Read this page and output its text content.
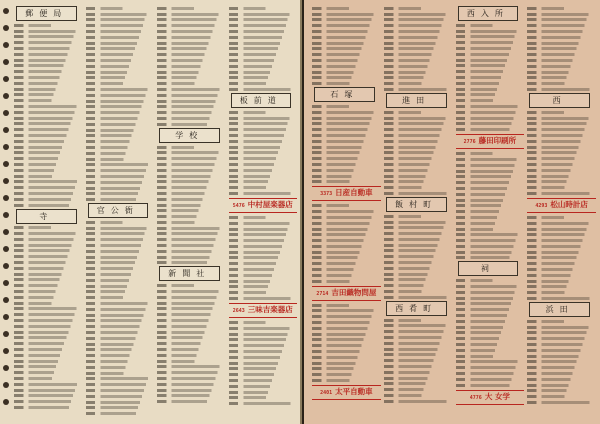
郵便局
寺
官公衙
学校
新聞社
板前道
5476 中村屋楽器店
2643 三味吉楽器店
石塚
3373 日産自動車
2714 吉田織物問屋
2401 太平自動車
進田
飯村町
西肴町
西入所
2776 藤田印刷所
祠
4776 大 女学
西
4293 松山時計店
浜田
